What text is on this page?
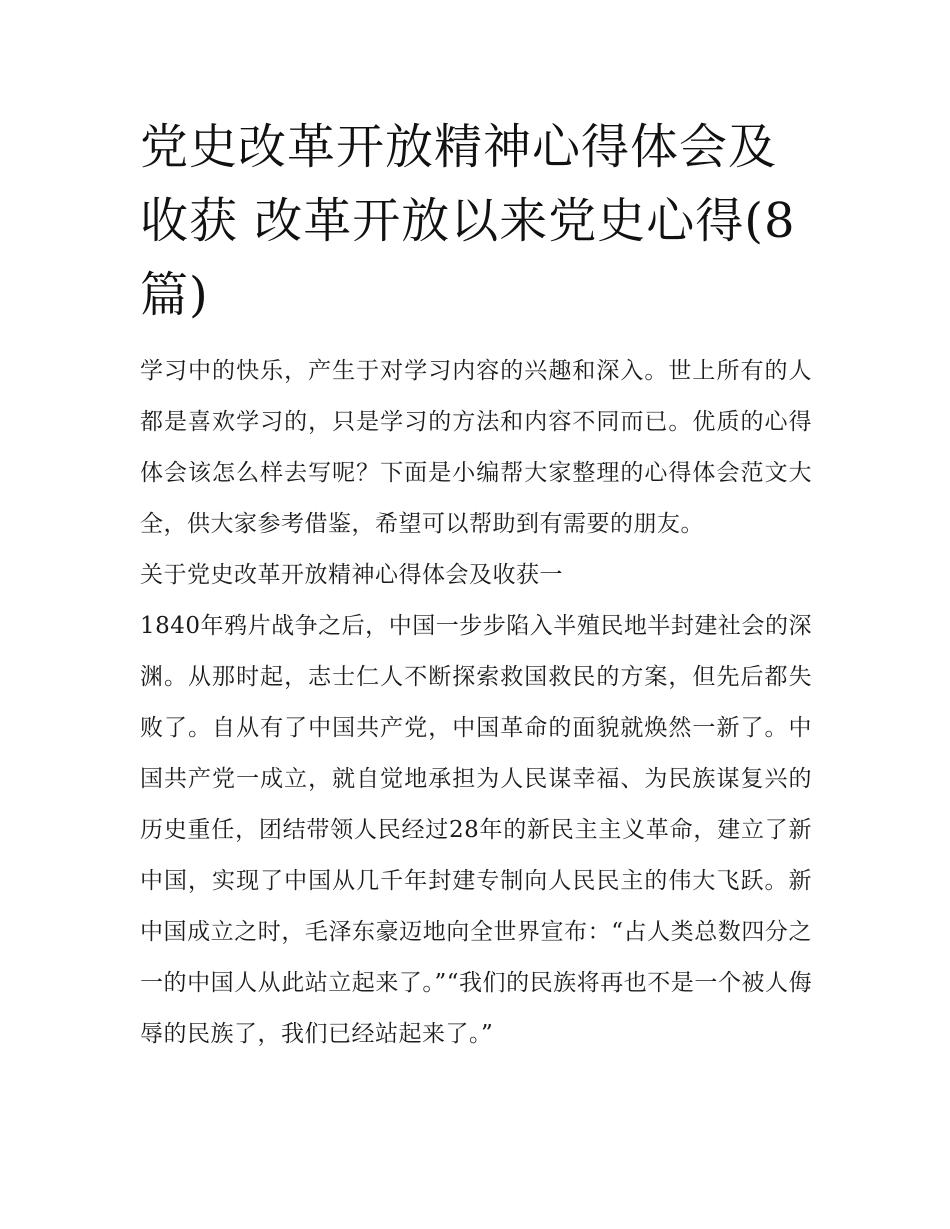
党史改革开放精神心得体会及收获 改革开放以来党史心得(8篇)

学习中的快乐，产生于对学习内容的兴趣和深入。世上所有的人都是喜欢学习的，只是学习的方法和内容不同而已。优质的心得体会该怎么样去写呢？下面是小编帮大家整理的心得体会范文大全，供大家参考借鉴，希望可以帮助到有需要的朋友。

关于党史改革开放精神心得体会及收获一

1840年鸦片战争之后，中国一步步陷入半殖民地半封建社会的深渊。从那时起，志士仁人不断探索救国救民的方案，但先后都失败了。自从有了中国共产党，中国革命的面貌就焕然一新了。中国共产党一成立，就自觉地承担为人民谋幸福、为民族谋复兴的历史重任，团结带领人民经过28年的新民主主义革命，建立了新中国，实现了中国从几千年封建专制向人民民主的伟大飞跃。新中国成立之时，毛泽东豪迈地向全世界宣布：“占人类总数四分之一的中国人从此站立起来了。”“我们的民族将再也不是一个被人侮辱的民族了，我们已经站起来了。”
